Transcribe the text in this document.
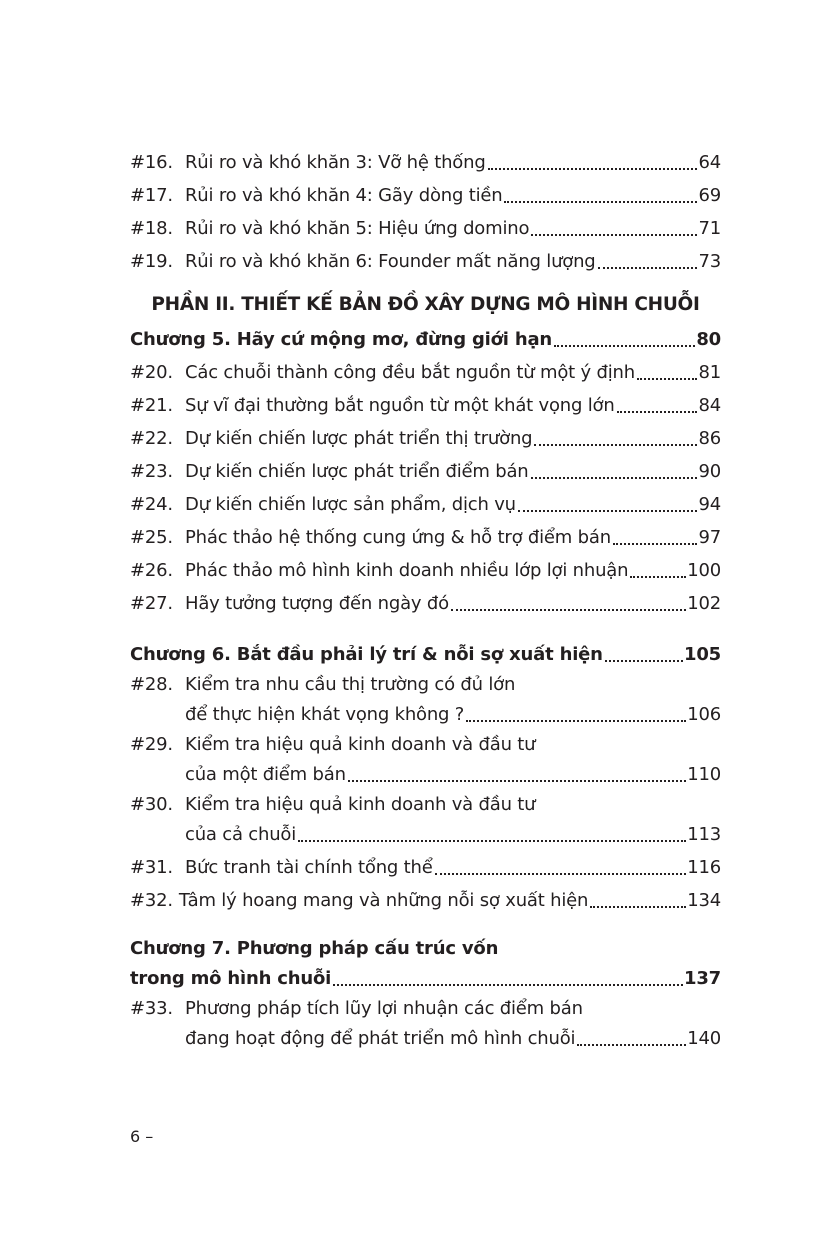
#16. Rủi ro và khó khăn 3: Vỡ hệ thống	64
#17. Rủi ro và khó khăn 4: Gãy dòng tiền	69
#18. Rủi ro và khó khăn 5: Hiệu ứng domino	71
#19. Rủi ro và khó khăn 6: Founder mất năng lượng	73
PHẦN II. THIẾT KẾ BẢN ĐỒ XÂY DỰNG MÔ HÌNH CHUỖI
Chương 5. Hãy cứ mộng mơ, đừng giới hạn	80
#20. Các chuỗi thành công đều bắt nguồn từ một ý định	81
#21. Sự vĩ đại thường bắt nguồn từ một khát vọng lớn	84
#22. Dự kiến chiến lược phát triển thị trường	86
#23. Dự kiến chiến lược phát triển điểm bán	90
#24. Dự kiến chiến lược sản phẩm, dịch vụ	94
#25. Phác thảo hệ thống cung ứng & hỗ trợ điểm bán	97
#26. Phác thảo mô hình kinh doanh nhiều lớp lợi nhuận	100
#27. Hãy tưởng tượng đến ngày đó	102
Chương 6. Bắt đầu phải lý trí & nỗi sợ xuất hiện	105
#28. Kiểm tra nhu cầu thị trường có đủ lớn
để thực hiện khát vọng không ?	106
#29. Kiểm tra hiệu quả kinh doanh và đầu tư
của một điểm bán	110
#30. Kiểm tra hiệu quả kinh doanh và đầu tư
của cả chuỗi	113
#31. Bức tranh tài chính tổng thể	116
#32. Tâm lý hoang mang và những nỗi sợ xuất hiện	134
Chương 7. Phương pháp cấu trúc vốn
trong mô hình chuỗi	137
#33. Phương pháp tích lũy lợi nhuận các điểm bán
đang hoạt động để phát triển mô hình chuỗi	140
6 –
